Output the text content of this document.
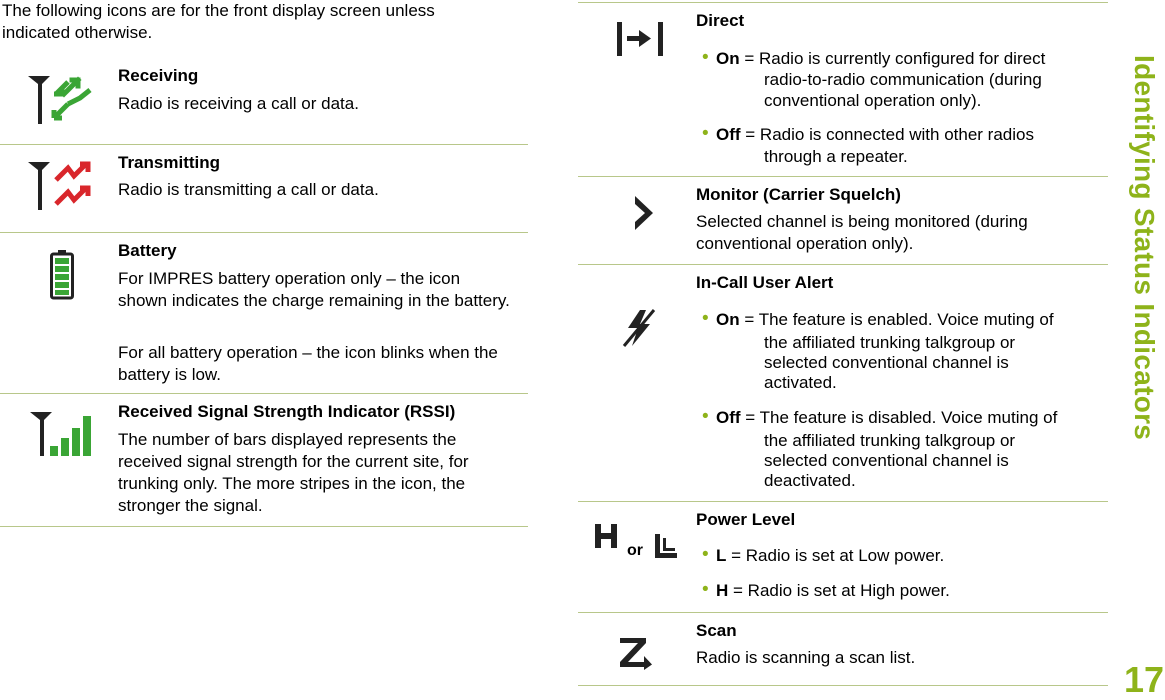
The following icons are for the front display screen unless indicated otherwise.
Receiving
Radio is receiving a call or data.
Transmitting
Radio is transmitting a call or data.
Battery
For IMPRES battery operation only – the icon shown indicates the charge remaining in the battery.
For all battery operation – the icon blinks when the battery is low.
Received Signal Strength Indicator (RSSI)
The number of bars displayed represents the received signal strength for the current site, for trunking only. The more stripes in the icon, the stronger the signal.
Direct
• On = Radio is currently configured for direct
radio-to-radio communication (during conventional operation only).
• Off = Radio is connected with other radios
through a repeater.
Monitor (Carrier Squelch)
Selected channel is being monitored (during conventional operation only).
In-Call User Alert
• On = The feature is enabled. Voice muting of
the affiliated trunking talkgroup or selected conventional channel is activated.
• Off = The feature is disabled. Voice muting of
the affiliated trunking talkgroup or selected conventional channel is deactivated.
or
Power Level
• L = Radio is set at Low power.
• H = Radio is set at High power.
Scan
Radio is scanning a scan list.
Identifying Status Indicators
17
